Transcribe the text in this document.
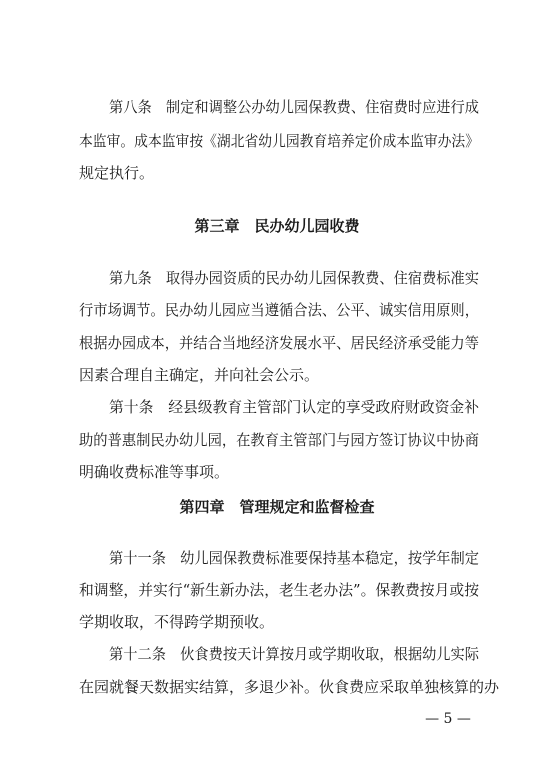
第八条　制定和调整公办幼儿园保教费、住宿费时应进行成
本监审。成本监审按《湖北省幼儿园教育培养定价成本监审办法》
规定执行。
第三章　民办幼儿园收费
第九条　取得办园资质的民办幼儿园保教费、住宿费标准实
行市场调节。民办幼儿园应当遵循合法、公平、诚实信用原则，
根据办园成本，并结合当地经济发展水平、居民经济承受能力等
因素合理自主确定，并向社会公示。
第十条　经县级教育主管部门认定的享受政府财政资金补
助的普惠制民办幼儿园，在教育主管部门与园方签订协议中协商
明确收费标准等事项。
第四章　管理规定和监督检查
第十一条　幼儿园保教费标准要保持基本稳定，按学年制定
和调整，并实行“新生新办法，老生老办法”。保教费按月或按
学期收取，不得跨学期预收。
第十二条　伙食费按天计算按月或学期收取，根据幼儿实际
在园就餐天数据实结算，多退少补。伙食费应采取单独核算的办
— 5 —
